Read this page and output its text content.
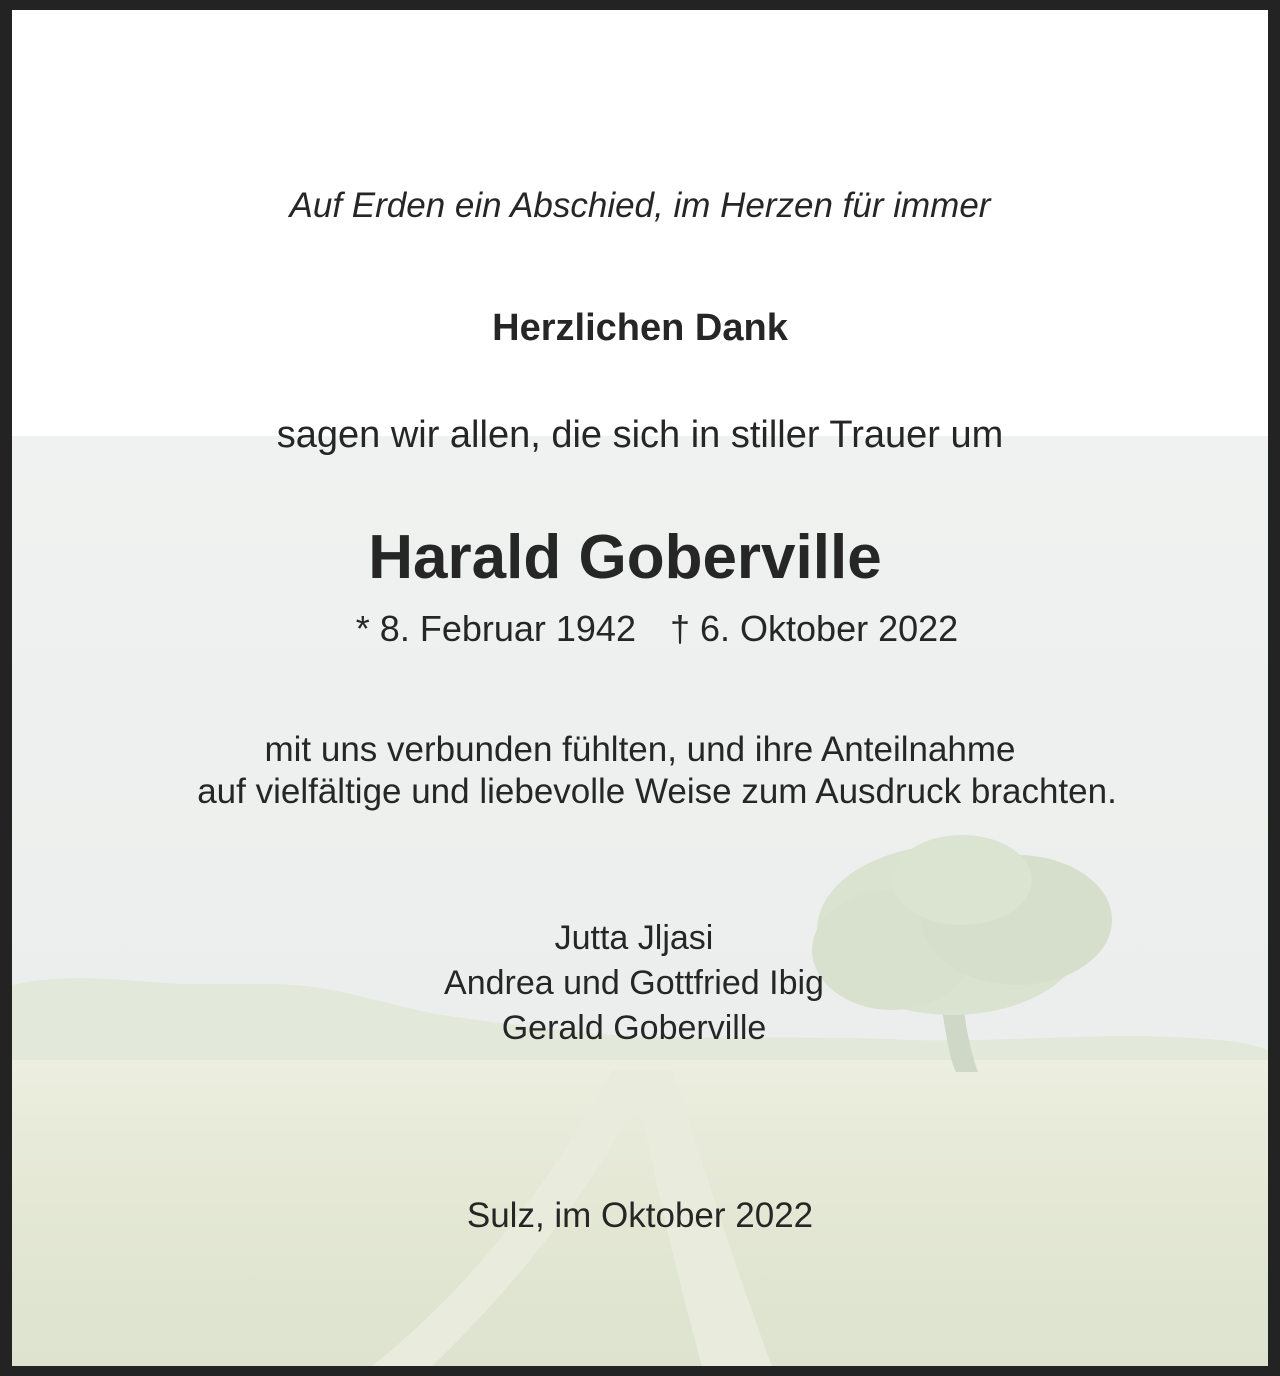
Auf Erden ein Abschied, im Herzen für immer
Herzlichen Dank
sagen wir allen, die sich in stiller Trauer um
Harald Goberville
* 8. Februar 1942 † 6. Oktober 2022
mit uns verbunden fühlten, und ihre Anteilnahme
auf vielfältige und liebevolle Weise zum Ausdruck brachten.
Jutta Jljasi
Andrea und Gottfried Ibig
Gerald Goberville
Sulz, im Oktober 2022
